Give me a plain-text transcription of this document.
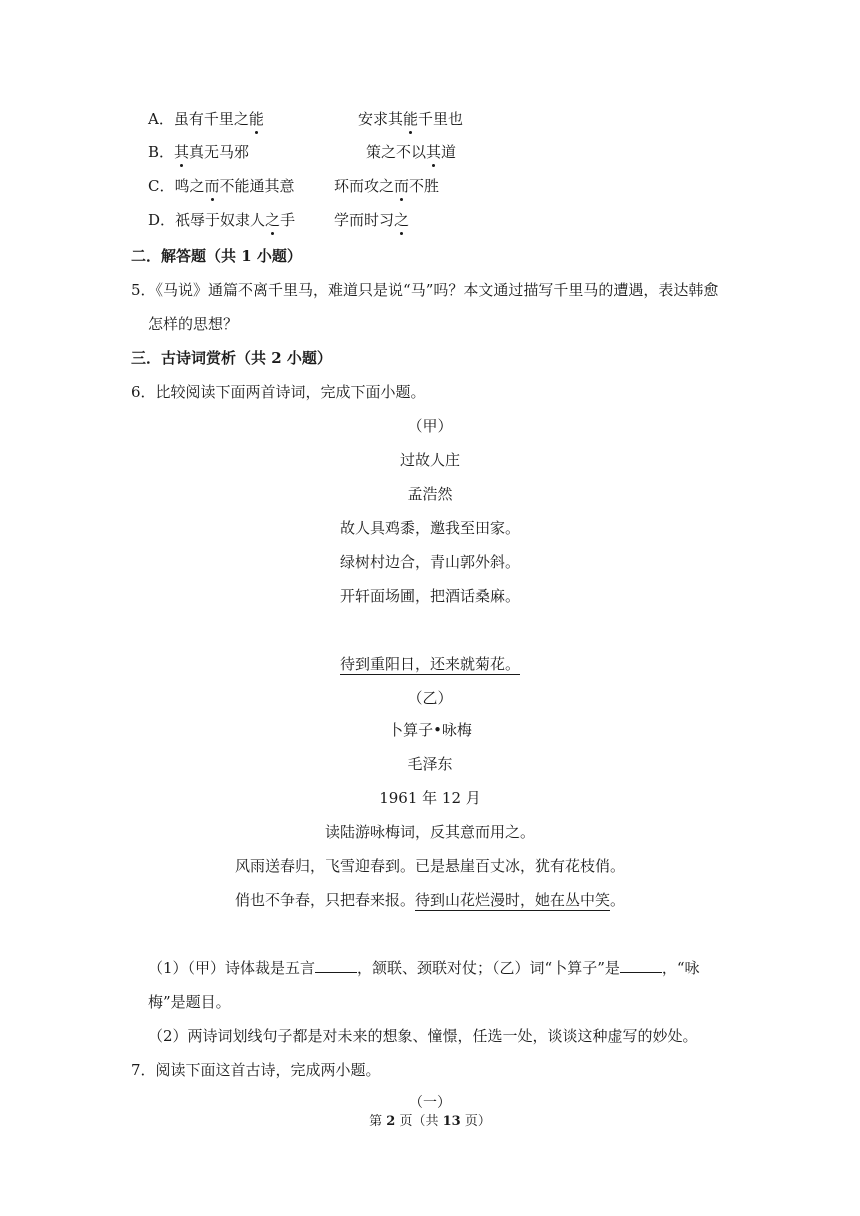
A．虽有千里之能	安求其能千里也
B．其真无马邪	策之不以其道
C．鸣之而不能通其意	环而攻之而不胜
D．祇辱于奴隶人之手	学而时习之
二．解答题（共 1 小题）
5．《马说》通篇不离千里马，难道只是说“马”吗？本文通过描写千里马的遭遇，表达韩愈
怎样的思想？
三．古诗词赏析（共 2 小题）
6．比较阅读下面两首诗词，完成下面小题。
（甲）
过故人庄
孟浩然
故人具鸡黍，邀我至田家。
绿树村边合，青山郭外斜。
开轩面场圃，把酒话桑麻。
待到重阳日，还来就菊花。
（乙）
卜算子•咏梅
毛泽东
1961 年 12 月
读陆游咏梅词，反其意而用之。
风雨送春归，飞雪迎春到。已是悬崖百丈冰，犹有花枝俏。
俏也不争春，只把春来报。待到山花烂漫时，她在丛中笑。
（1）（甲）诗体裁是五言	，颔联、颈联对仗；（乙）词“卜算子”是	，“咏
梅”是题目。
（2）两诗词划线句子都是对未来的想象、憧憬，任选一处，谈谈这种虚写的妙处。
7．阅读下面这首古诗，完成两小题。
（一）
第 2 页（共 13 页）
